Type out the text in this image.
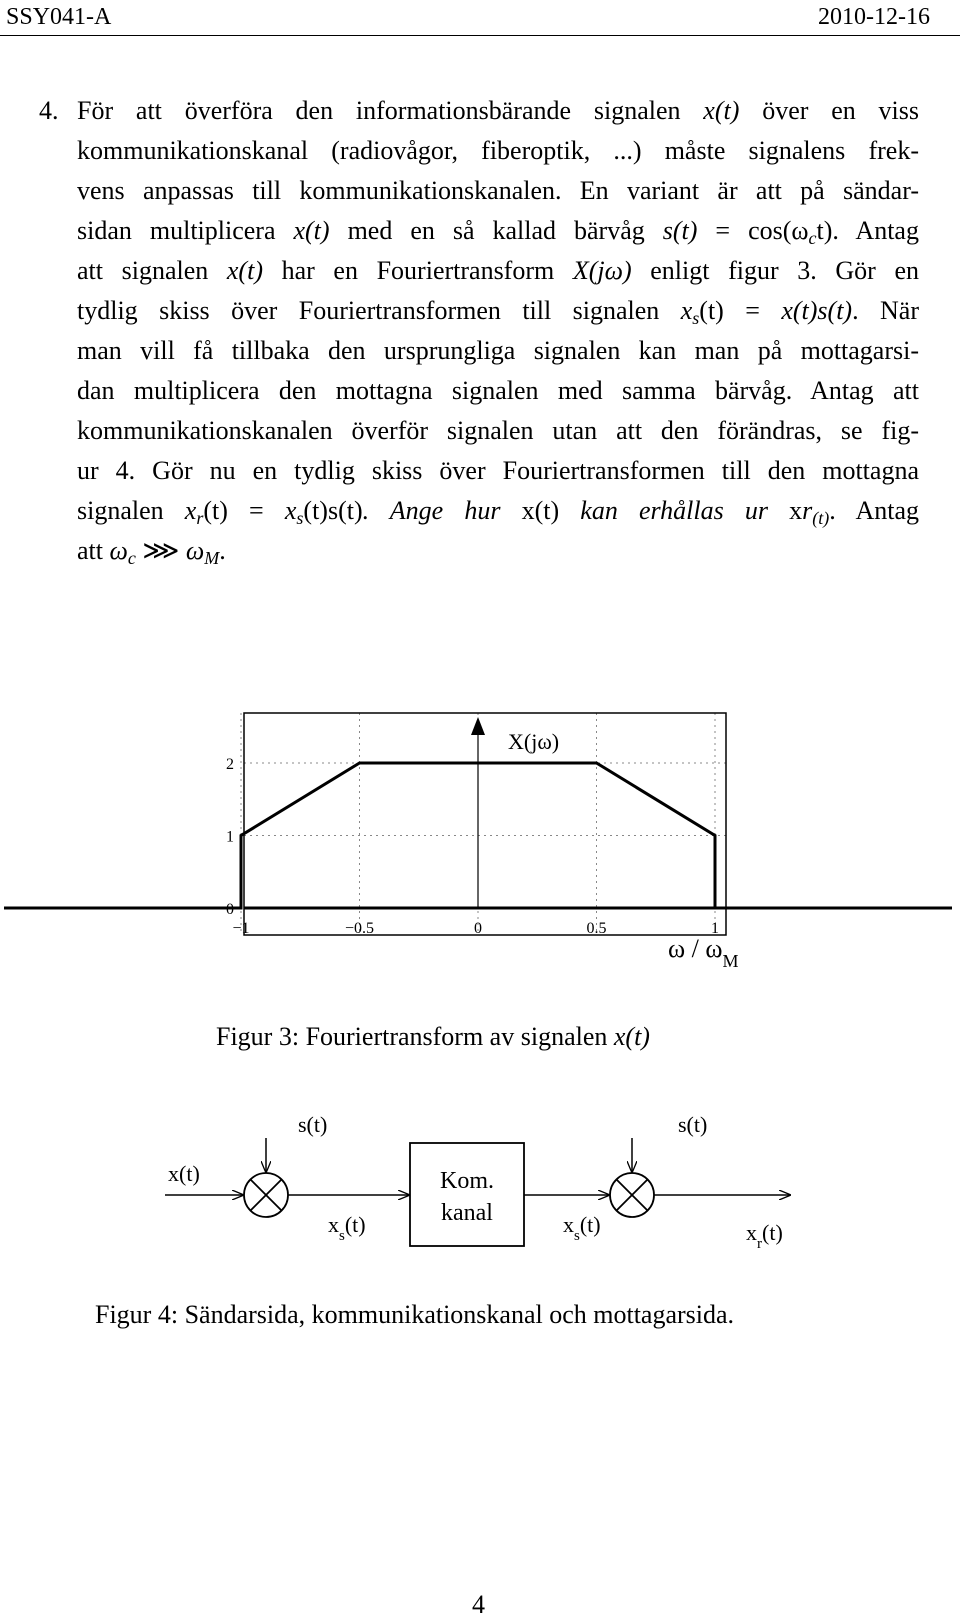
SSY041-A	2010-12-16
4. För att överföra den informationsbärande signalen x(t) över en viss
kommunikationskanal (radiovågor, fiberoptik, ...) måste signalens frek-
vens anpassas till kommunikationskanalen. En variant är att på sändar-
sidan multiplicera x(t) med en så kallad bärvåg $s(t) = \cos(\omega_ct)$. Antag
att signalen x(t) har en Fouriertransform X(jω) enligt figur 3. Gör en
tydlig skiss över Fouriertransformen till signalen $x_s(t) = x(t)s(t)$. När
man vill få tillbaka den ursprungliga signalen kan man på mottagarsi-
dan multiplicera den mottagna signalen med samma bärvåg. Antag att
kommunikationskanalen överför signalen utan att den förändras, se fig-
ur 4. Gör nu en tydlig skiss över Fouriertransformen till den mottagna
signalen $x_r(t) = x_s(t)s(t)$. Ange hur x(t) kan erhållas ur $xr_{(t)}$. Antag
att $\omega_c$ ⋙ $\omega_M$.
−1	−0.5	0	0.5	1
0
1
2
X(jω)
ω / $\omega_M$
Figur 3: Fouriertransform av signalen x(t)
Kom.
kanal
x(t)
s(t)	s(t)
$x_s(t)$	$x_s(t)$	$x_r(t)$
Figur 4: Sändarsida, kommunikationskanal och mottagarsida.
4
